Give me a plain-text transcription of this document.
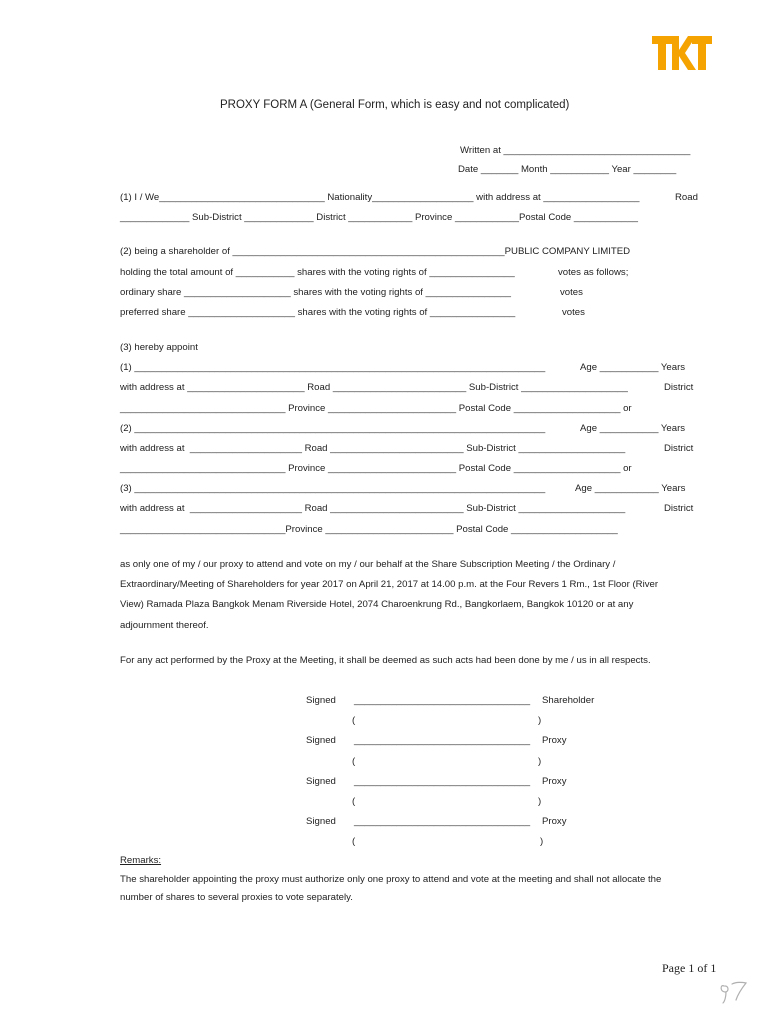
PROXY FORM A (General Form, which is easy and not complicated)
Written at ___________________________________
Date _______ Month ___________ Year ________
(1) I / We_______________________________ Nationality___________________ with address at __________________	Road
_____________ Sub-District _____________ District ____________ Province ____________Postal Code ____________
(2) being a shareholder of ___________________________________________________PUBLIC COMPANY LIMITED
holding the total amount of ___________ shares with the voting rights of ________________	votes as follows;
ordinary share ____________________ shares with the voting rights of ________________	votes
preferred share ____________________ shares with the voting rights of ________________	votes
(3) hereby appoint
(1) _____________________________________________________________________________	Age ___________ Years
with address at ______________________ Road _________________________ Sub-District ____________________	District
_______________________________ Province ________________________ Postal Code ____________________ or
(2) _____________________________________________________________________________	Age ___________ Years
with address at  _____________________ Road _________________________ Sub-District ____________________	District
_______________________________ Province ________________________ Postal Code ____________________ or
(3) _____________________________________________________________________________	Age ____________ Years
with address at  _____________________ Road _________________________ Sub-District ____________________	District
_______________________________Province ________________________ Postal Code ____________________
as only one of my / our proxy to attend and vote on my / our behalf at the Share Subscription Meeting / the Ordinary /
Extraordinary/Meeting of Shareholders for year 2017 on April 21, 2017 at 14.00 p.m. at the Four Revers 1 Rm., 1st Floor (River
View) Ramada Plaza Bangkok Menam Riverside Hotel, 2074 Charoenkrung Rd., Bangkorlaem, Bangkok 10120 or at any
adjournment thereof.
For any act performed by the Proxy at the Meeting, it shall be deemed as such acts had been done by me / us in all respects.
Signed _________________________________ Shareholder
(	)
Signed _________________________________ Proxy
(	)
Signed _________________________________ Proxy
(	)
Signed _________________________________ Proxy
(	)
Remarks:
The shareholder appointing the proxy must authorize only one proxy to attend and vote at the meeting and shall not allocate the
number of shares to several proxies to vote separately.
Page 1 of 1
